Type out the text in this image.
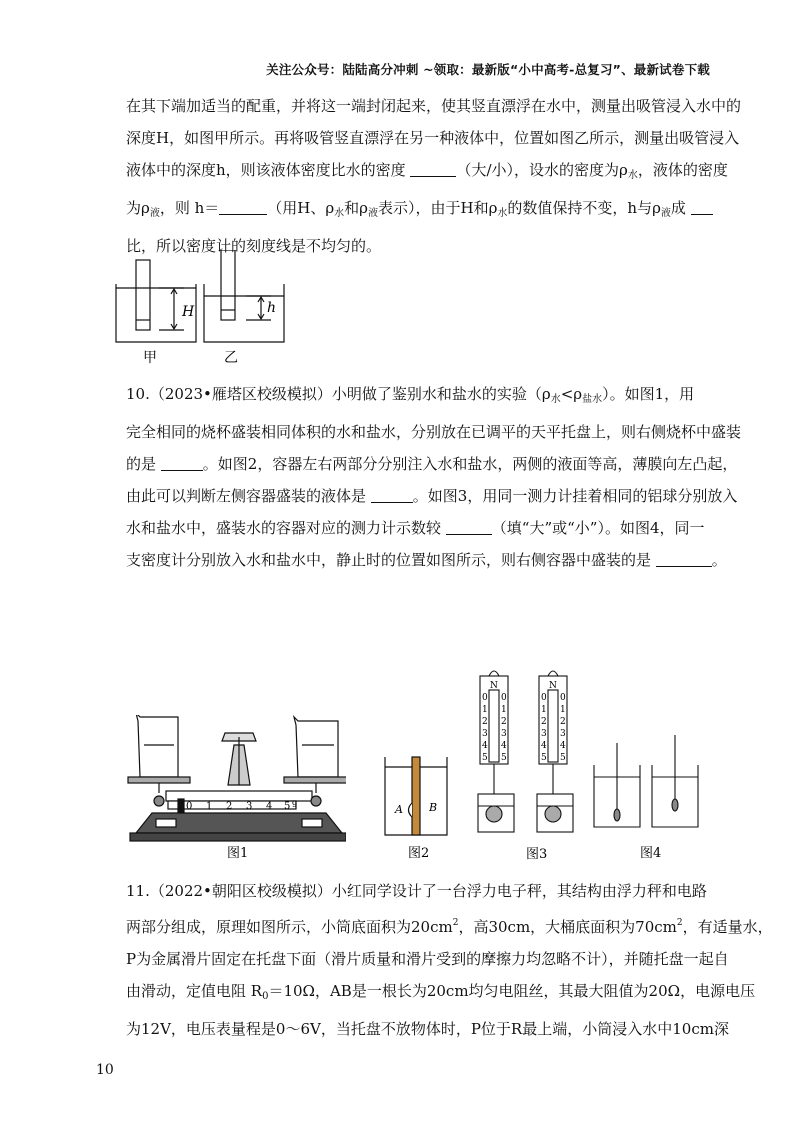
关注公众号：陆陆高分冲刺 ~领取：最新版“小中高考-总复习”、最新试卷下载

在其下端加适当的配重，并将这一端封闭起来，使其竖直漂浮在水中，测量出吸管浸入水中的

深度H，如图甲所示。再将吸管竖直漂浮在另一种液体中，位置如图乙所示，测量出吸管浸入

液体中的深度h，则该液体密度比水的密度	（大/小），设水的密度为$\rho_水$，液体的密度

为$\rho_液$，则 h＝	（用H、$\rho_水$和$\rho_液$表示），由于H和$\rho_水$的数值保持不变，h与$\rho_液$成

比，所以密度计的刻度线是不均匀的。

H	h
甲	乙

10.（2023•雁塔区校级模拟）小明做了鉴别水和盐水的实验$(\rho_水<\rho_{盐水})$。如图1，用

完全相同的烧杯盛装相同体积的水和盐水，分别放在已调平的天平托盘上，则右侧烧杯中盛装

的是	。如图2，容器左右两部分分别注入水和盐水，两侧的液面等高，薄膜向左凸起，

由此可以判断左侧容器盛装的液体是	。如图3，用同一测力计挂着相同的铝球分别放入

水和盐水中，盛装水的容器对应的测力计示数较	（填“大”或“小”）。如图4，同一

支密度计分别放入水和盐水中，静止时的位置如图所示，则右侧容器中盛装的是	。

0 1 2 3 4 5 g
图1
A B
图2
N	N
0
1
2
3
4
5
0
1
2
3
4
5
0
1
2
3
4
5
0
1
2
3
4
5
图3	图4

11.（2022•朝阳区校级模拟）小红同学设计了一台浮力电子秤，其结构由浮力秤和电路

两部分组成，原理如图所示，小筒底面积为$20cm^2$，高30cm，大桶底面积为$70cm^2$，有适量水，

P为金属滑片固定在托盘下面（滑片质量和滑片受到的摩擦力均忽略不计），并随托盘一起自

由滑动，定值电阻 $R_0=10\Omega$，AB是一根长为20cm均匀电阻丝，其最大阻值为20Ω，电源电压

为12V，电压表量程是0～6V，当托盘不放物体时，P位于R最上端，小筒浸入水中10cm深

10
